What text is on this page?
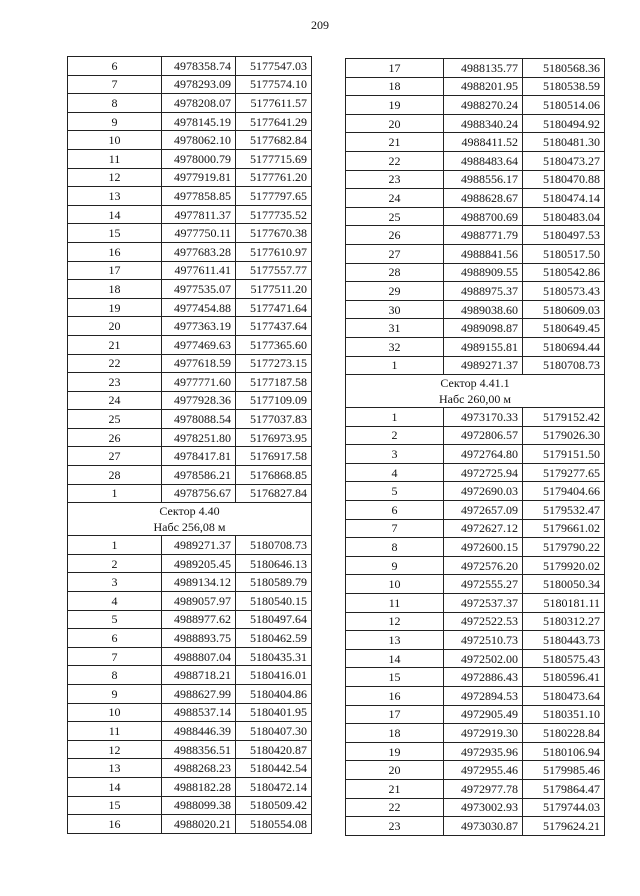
209
6	4978358.74	5177547.03
7	4978293.09	5177574.10
8	4978208.07	5177611.57
9	4978145.19	5177641.29
10	4978062.10	5177682.84
11	4978000.79	5177715.69
12	4977919.81	5177761.20
13	4977858.85	5177797.65
14	4977811.37	5177735.52
15	4977750.11	5177670.38
16	4977683.28	5177610.97
17	4977611.41	5177557.77
18	4977535.07	5177511.20
19	4977454.88	5177471.64
20	4977363.19	5177437.64
21	4977469.63	5177365.60
22	4977618.59	5177273.15
23	4977771.60	5177187.58
24	4977928.36	5177109.09
25	4978088.54	5177037.83
26	4978251.80	5176973.95
27	4978417.81	5176917.58
28	4978586.21	5176868.85
1	4978756.67	5176827.84

Сектор 4.40
Набс 256,08 м		

1	4989271.37	5180708.73
2	4989205.45	5180646.13
3	4989134.12	5180589.79
4	4989057.97	5180540.15
5	4988977.62	5180497.64
6	4988893.75	5180462.59
7	4988807.04	5180435.31
8	4988718.21	5180416.01
9	4988627.99	5180404.86
10	4988537.14	5180401.95
11	4988446.39	5180407.30
12	4988356.51	5180420.87
13	4988268.23	5180442.54
14	4988182.28	5180472.14
15	4988099.38	5180509.42
16	4988020.21	5180554.08
17	4988135.77	5180568.36
18	4988201.95	5180538.59
19	4988270.24	5180514.06
20	4988340.24	5180494.92
21	4988411.52	5180481.30
22	4988483.64	5180473.27
23	4988556.17	5180470.88
24	4988628.67	5180474.14
25	4988700.69	5180483.04
26	4988771.79	5180497.53
27	4988841.56	5180517.50
28	4988909.55	5180542.86
29	4988975.37	5180573.43
30	4989038.60	5180609.03
31	4989098.87	5180649.45
32	4989155.81	5180694.44
1	4989271.37	5180708.73

Сектор 4.41.1
Набс 260,00 м		

1	4973170.33	5179152.42
2	4972806.57	5179026.30
3	4972764.80	5179151.50
4	4972725.94	5179277.65
5	4972690.03	5179404.66
6	4972657.09	5179532.47
7	4972627.12	5179661.02
8	4972600.15	5179790.22
9	4972576.20	5179920.02
10	4972555.27	5180050.34
11	4972537.37	5180181.11
12	4972522.53	5180312.27
13	4972510.73	5180443.73
14	4972502.00	5180575.43
15	4972886.43	5180596.41
16	4972894.53	5180473.64
17	4972905.49	5180351.10
18	4972919.30	5180228.84
19	4972935.96	5180106.94
20	4972955.46	5179985.46
21	4972977.78	5179864.47
22	4973002.93	5179744.03
23	4973030.87	5179624.21
